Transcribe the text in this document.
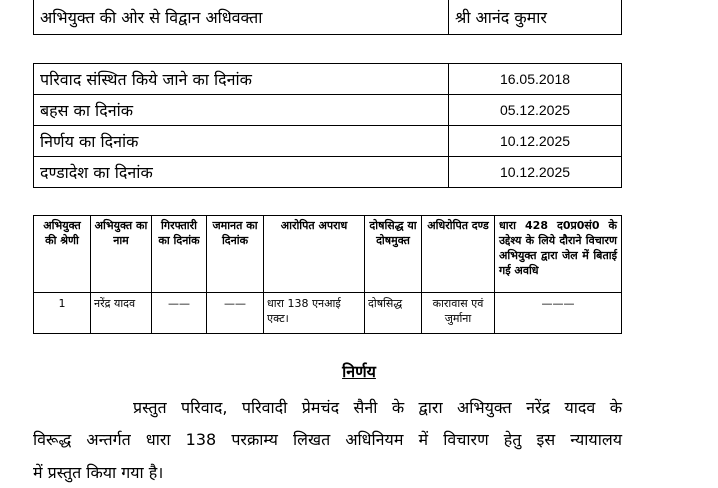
अभियुक्त की ओर से विद्वान अधिवक्ता	श्री आनंद कुमार
परिवाद संस्थित किये जाने का दिनांक	16.05.2018
बहस का दिनांक	05.12.2025
निर्णय का दिनांक	10.12.2025
दण्डादेश का दिनांक	10.12.2025
अभियुक्त की श्रेणी	अभियुक्त का नाम	गिरफ्तारी का दिनांक	जमानत का दिनांक	आरोपित अपराध	दोषसिद्ध या दोषमुक्त	अधिरोपित दण्ड	धारा 428 द0प्र0सं0 के उद्देश्य के लिये दौराने विचारण अभियुक्त द्वारा जेल में बिताई गई अवधि
1	नरेंद्र यादव	——	——	धारा 138 एनआई एक्ट।	दोषसिद्ध	कारावास एवं जुर्माना	———
निर्णय
प्रस्तुत परिवाद, परिवादी प्रेमचंद सैनी के द्वारा अभियुक्त नरेंद्र यादव के
विरूद्ध अन्तर्गत धारा 138 परक्राम्य लिखत अधिनियम में विचारण हेतु इस न्यायालय
में प्रस्तुत किया गया है।
